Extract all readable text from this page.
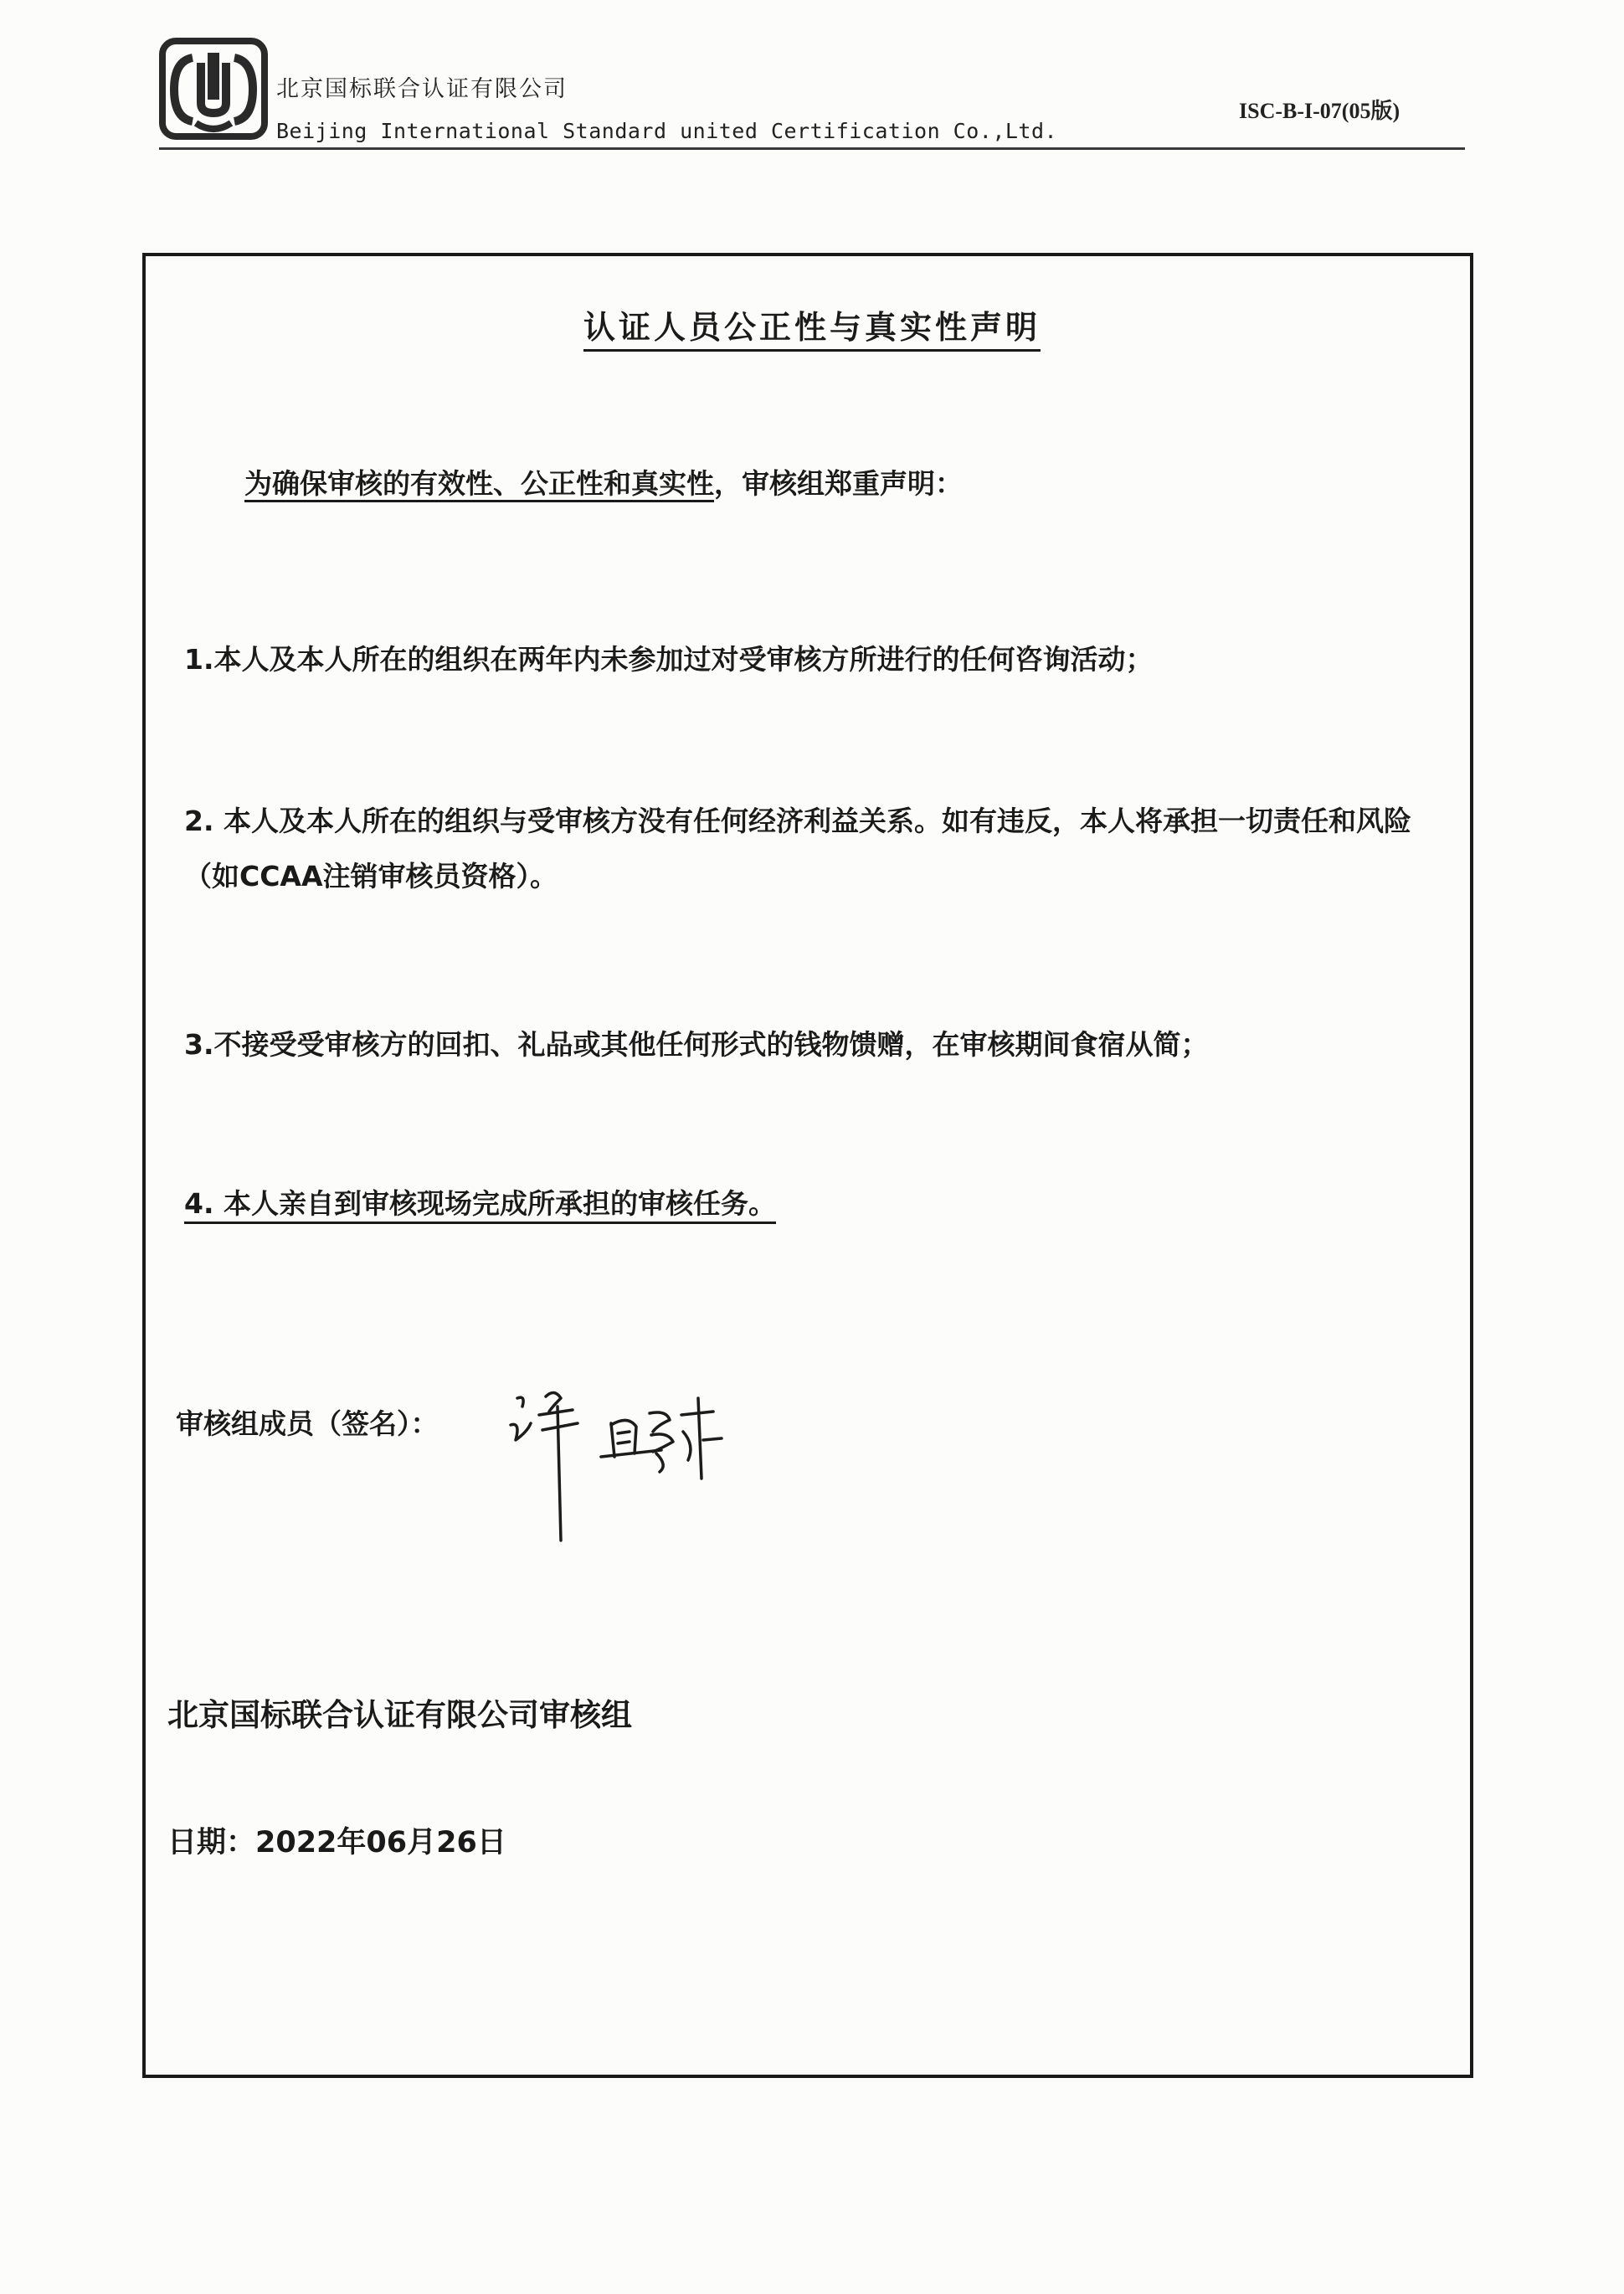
北京国标联合认证有限公司
Beijing International Standard united Certification Co.,Ltd.
ISC-B-I-07(05版)
认证人员公正性与真实性声明
为确保审核的有效性、公正性和真实性，审核组郑重声明：
1.本人及本人所在的组织在两年内未参加过对受审核方所进行的任何咨询活动；
2. 本人及本人所在的组织与受审核方没有任何经济利益关系。如有违反，本人将承担一切责任和风险（如CCAA注销审核员资格）。
3.不接受受审核方的回扣、礼品或其他任何形式的钱物馈赠，在审核期间食宿从简；
4. 本人亲自到审核现场完成所承担的审核任务。
审核组成员（签名）：
北京国标联合认证有限公司审核组
日期：2022年06月26日
